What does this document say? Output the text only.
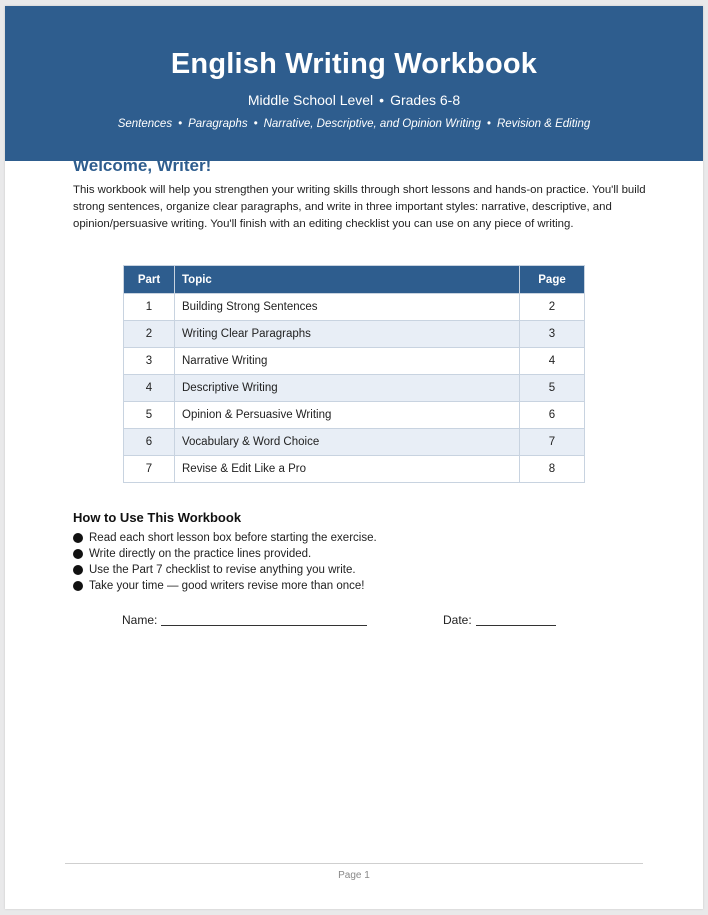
English Writing Workbook
Middle School Level • Grades 6-8
Sentences • Paragraphs • Narrative, Descriptive, and Opinion Writing • Revision & Editing
Welcome, Writer!
This workbook will help you strengthen your writing skills through short lessons and hands-on practice. You'll build strong sentences, organize clear paragraphs, and write in three important styles: narrative, descriptive, and opinion/persuasive writing. You'll finish with an editing checklist you can use on any piece of writing.
Part	Topic	Page
1	Building Strong Sentences	2
2	Writing Clear Paragraphs	3
3	Narrative Writing	4
4	Descriptive Writing	5
5	Opinion & Persuasive Writing	6
6	Vocabulary & Word Choice	7
7	Revise & Edit Like a Pro	8
How to Use This Workbook
Read each short lesson box before starting the exercise.
Write directly on the practice lines provided.
Use the Part 7 checklist to revise anything you write.
Take your time — good writers revise more than once!
Name:	Date:
Page 1
